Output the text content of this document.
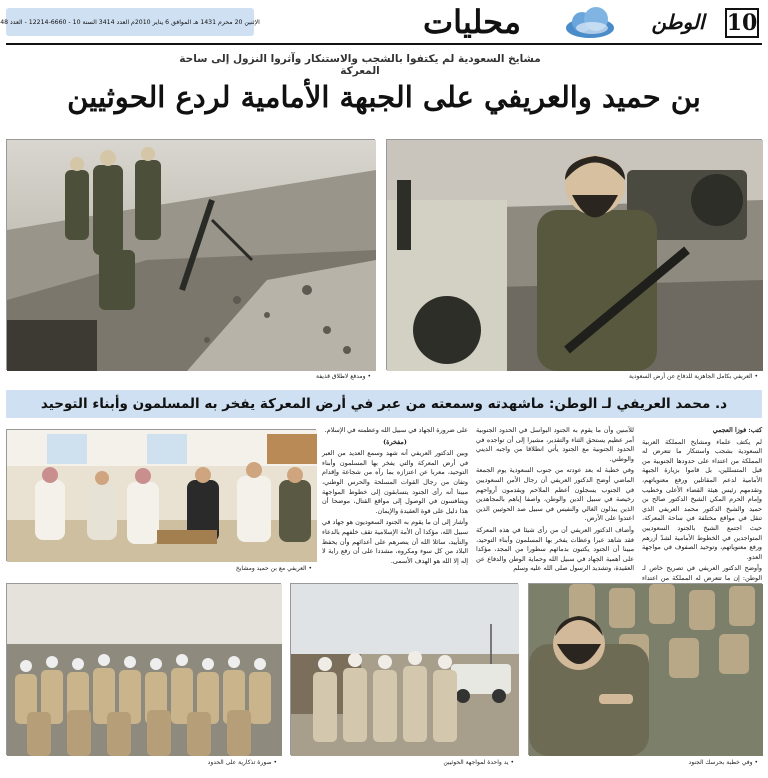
10
الوطن
محليات
الإثنين 20 محرم 1431 هـ الموافق 6 يناير 2010م العدد 3414 السنة 10 - 6660-12214 - العدد 48
مشايخ السعودية لم يكتفوا بالشجب والاستنكار وآثروا النزول إلى ساحة المعركة
بن حميد والعريفي على الجبهة الأمامية لردع الحوثيين
• ومدفع لاطلاق قذيفة	• العريفي بكامل الجاهزية للدفاع عن أرض السعودية
د. محمد العريفي لـ الوطن: ماشهدته وسمعته من عبر في أرض المعركة يفخر به المسلمون وأبناء التوحيد

كتب: فوزا العجمي

لم يكتف علماء ومشايخ المملكة العربية السعودية بشجب واستنكار ما تتعرض له المملكة من اعتداء على حدودها الجنوبية من قبل المتسللين، بل قاموا بزيارة الجبهة الأمامية لدعم المقاتلين ورفع معنوياتهم، وتقدمهم رئيس هيئة القضاء الأعلى وخطيب وإمام الحرم المكي الشيخ الدكتور صالح بن حميد والشيخ الدكتور محمد العريفي الذي تنقل في مواقع مختلفة في ساحة المعركة، حيث اجتمع الشيخ بالجنود السعوديين المتواجدين في الخطوط الأمامية لشدّ أزرهم ورفع معنوياتهم، وتوحيد الصفوف في مواجهة العدو.

وأوضح الدكتور العريفي في تصريح خاص لـ الوطن: إن ما تتعرض له المملكة من اعتداء

للآمنين وأن ما يقوم به الجنود البواسل في الحدود الجنوبية أمر عظيم يستحق الثناء والتقدير، مشيرا إلى أن تواجده في الحدود الجنوبية مع الجنود يأتي انطلاقا من واجبه الديني والوطني.

وفي خطبة له بعد عودته من جنوب السعودية يوم الجمعة الماضي أوضح الدكتور العريفي أن رجال الأمن السعوديين في الجنوب يسجلون أعظم الملاحم ويقدمون أرواحهم رخيصة في سبيل الدين والوطن، واصفا إياهم بالمجاهدين الذين يبذلون الغالي والنفيس في سبيل صد الحوثيين الذين اعتدوا على الأرض.

وأضاف الدكتور العريفي أن من رأى شيئا في هذه المعركة فقد شاهد عبرا وعظات يفخر بها المسلمون وأبناء التوحيد، مبينا أن الجنود يكتبون بدمائهم سطورا من المجد، مؤكدا على أهمية الجهاد في سبيل الله وحماية الوطن والدفاع عن العقيدة، وتشديد الرسول صلى الله عليه وسلم

على ضرورة الجهاد في سبيل الله وعظمته في الإسلام.

(مفخرة)

وبين الدكتور العريفي أنه شهد وسمع العديد من العبر في أرض المعركة والتي يفخر بها المسلمون وأبناء التوحيد، معربا عن اعتزازه بما رآه من شجاعة وإقدام وتفان من رجال القوات المسلحة والحرس الوطني، مبينا أنه رأى الجنود يتسابقون إلى خطوط المواجهة ويتنافسون في الوصول إلى مواقع القتال، موضحا أن هذا دليل على قوة العقيدة والإيمان.

وأشار إلى أن ما يقوم به الجنود السعوديون هو جهاد في سبيل الله، مؤكدا أن الأمة الإسلامية تقف خلفهم بالدعاء والتأييد، سائلا الله أن ينصرهم على أعدائهم وأن يحفظ البلاد من كل سوء ومكروه، مشددا على أن رفع راية لا إله إلا الله هو الهدف الأسمى.

• العريفي مع بن حميد ومشايخ
• صورة تذكارية على الحدود	• يد واحدة لمواجهة الحوثيين	• وفي خطبة بحرسك الجنود
